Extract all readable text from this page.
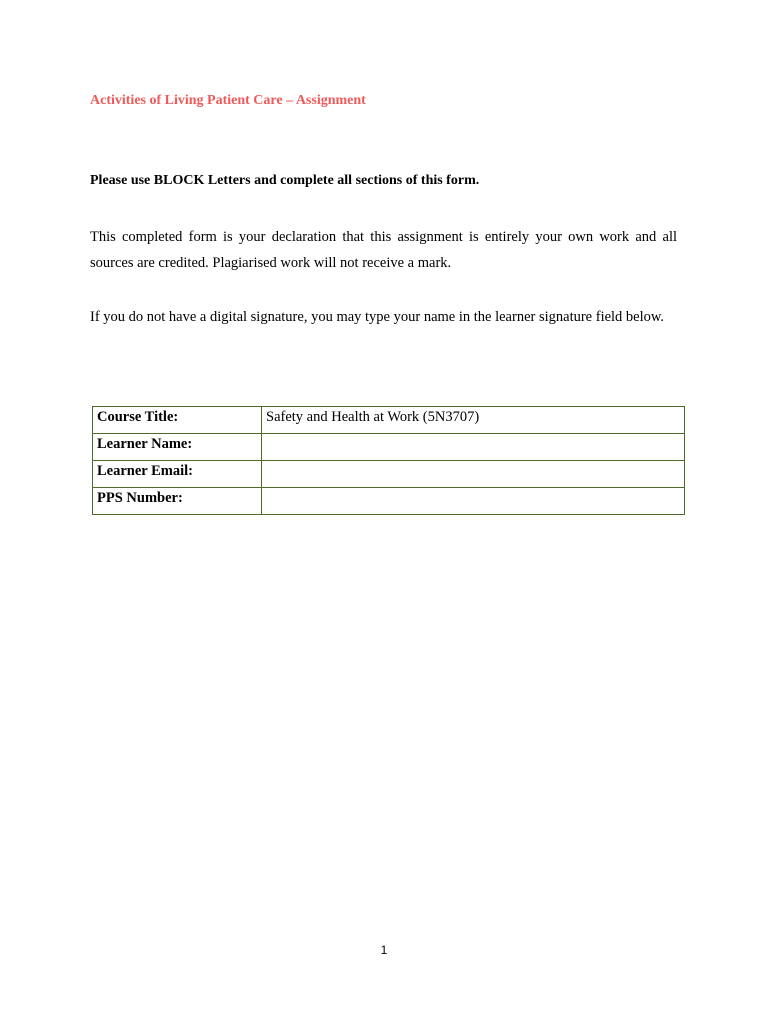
Activities of Living Patient Care – Assignment
Please use BLOCK Letters and complete all sections of this form.
This completed form is your declaration that this assignment is entirely your own work and all sources are credited. Plagiarised work will not receive a mark.
If you do not have a digital signature, you may type your name in the learner signature field below.
Course Title:	Safety and Health at Work (5N3707)
Learner Name:	
Learner Email:	
PPS Number:	
1
